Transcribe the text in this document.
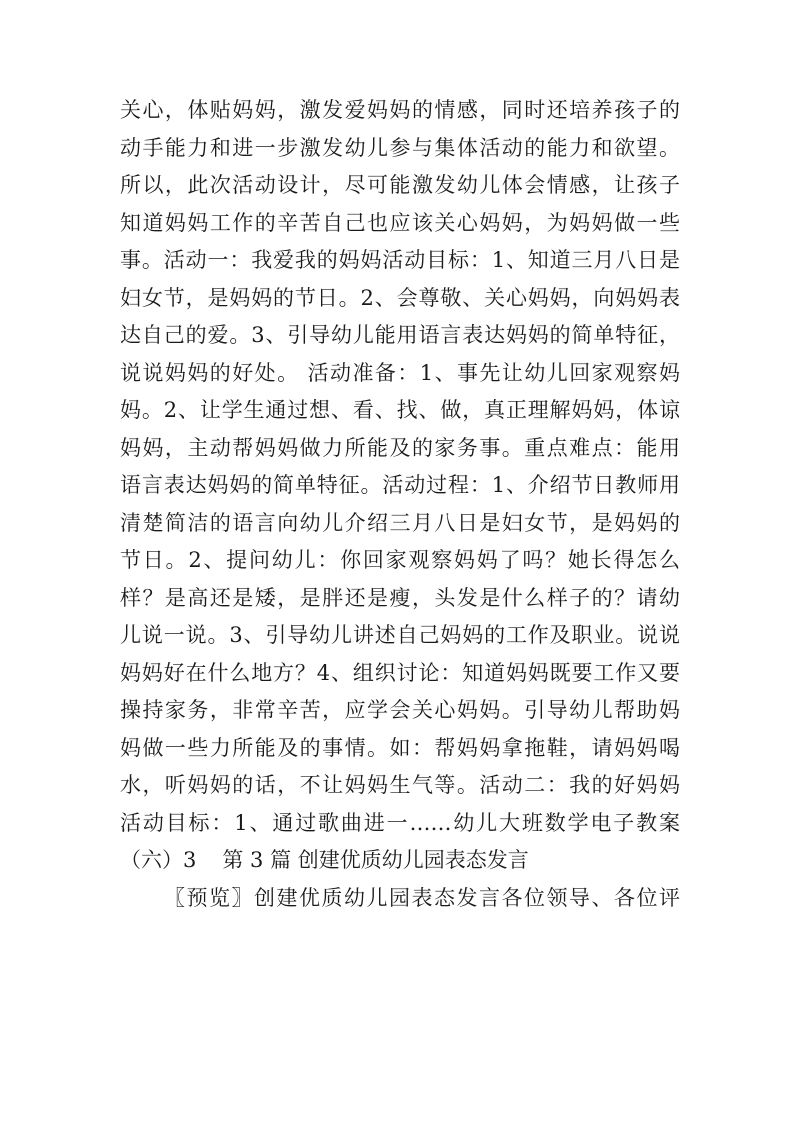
关心，体贴妈妈，激发爱妈妈的情感，同时还培养孩子的
动手能力和进一步激发幼儿参与集体活动的能力和欲望。
所以，此次活动设计，尽可能激发幼儿体会情感，让孩子
知道妈妈工作的辛苦自己也应该关心妈妈，为妈妈做一些
事。活动一：我爱我的妈妈活动目标：1、知道三月八日是
妇女节，是妈妈的节日。2、会尊敬、关心妈妈，向妈妈表
达自己的爱。3、引导幼儿能用语言表达妈妈的简单特征，
说说妈妈的好处。 活动准备：1、事先让幼儿回家观察妈
妈。2、让学生通过想、看、找、做，真正理解妈妈，体谅
妈妈，主动帮妈妈做力所能及的家务事。重点难点：能用
语言表达妈妈的简单特征。活动过程：1、介绍节日教师用
清楚简洁的语言向幼儿介绍三月八日是妇女节，是妈妈的
节日。2、提问幼儿：你回家观察妈妈了吗？她长得怎么
样？是高还是矮，是胖还是瘦，头发是什么样子的？请幼
儿说一说。3、引导幼儿讲述自己妈妈的工作及职业。说说
妈妈好在什么地方？4、组织讨论：知道妈妈既要工作又要
操持家务，非常辛苦，应学会关心妈妈。引导幼儿帮助妈
妈做一些力所能及的事情。如：帮妈妈拿拖鞋，请妈妈喝
水，听妈妈的话，不让妈妈生气等。活动二：我的好妈妈
活动目标：1、通过歌曲进一……幼儿大班数学电子教案
（六）3 第 3 篇 创建优质幼儿园表态发言
〖预览〗创建优质幼儿园表态发言各位领导、各位评
